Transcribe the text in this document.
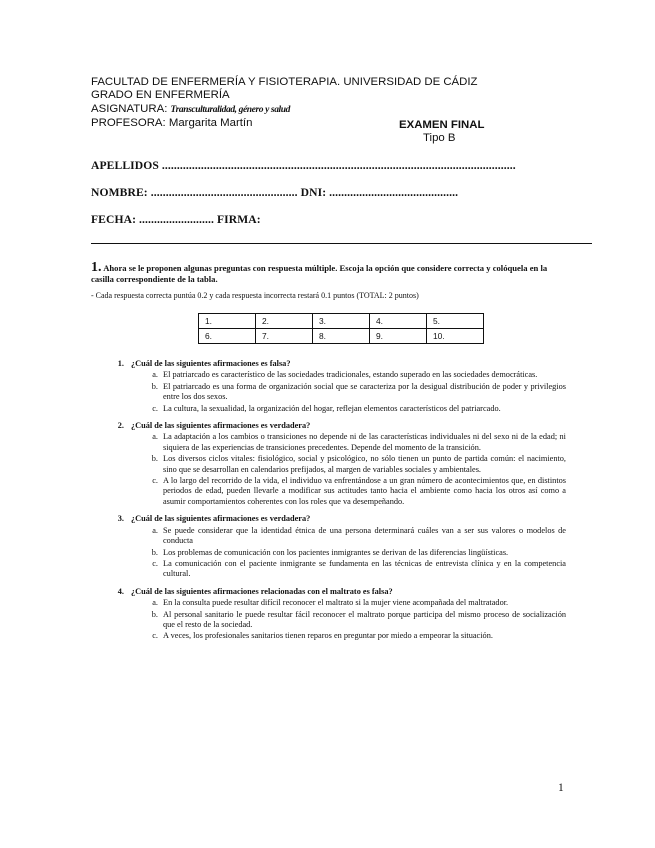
FACULTAD DE ENFERMERÍA Y FISIOTERAPIA. UNIVERSIDAD DE CÁDIZ
GRADO EN ENFERMERÍA
ASIGNATURA: Transculturalidad, género y salud
PROFESORA: Margarita Martín	EXAMEN FINAL
Tipo B
APELLIDOS ......................................................................................................................
NOMBRE: ................................................. DNI: ...........................................
FECHA: ......................... FIRMA:
1. Ahora se le proponen algunas preguntas con respuesta múltiple. Escoja la opción que considere correcta y colóquela en la casilla correspondiente de la tabla.
- Cada respuesta correcta puntúa 0.2 y cada respuesta incorrecta restará 0.1 puntos (TOTAL: 2 puntos)
1.	2.	3.	4.	5.
6.	7.	8.	9.	10.
1. ¿Cuál de las siguientes afirmaciones es falsa?
a. El patriarcado es característico de las sociedades tradicionales, estando superado en las sociedades democráticas.
b. El patriarcado es una forma de organización social que se caracteriza por la desigual distribución de poder y privilegios entre los dos sexos.
c. La cultura, la sexualidad, la organización del hogar, reflejan elementos característicos del patriarcado.
2. ¿Cuál de las siguientes afirmaciones es verdadera?
a. La adaptación a los cambios o transiciones no depende ni de las características individuales ni del sexo ni de la edad; ni siquiera de las experiencias de transiciones precedentes. Depende del momento de la transición.
b. Los diversos ciclos vitales: fisiológico, social y psicológico, no sólo tienen un punto de partida común: el nacimiento, sino que se desarrollan en calendarios prefijados, al margen de variables sociales y ambientales.
c. A lo largo del recorrido de la vida, el individuo va enfrentándose a un gran número de acontecimientos que, en distintos periodos de edad, pueden llevarle a modificar sus actitudes tanto hacia el ambiente como hacia los otros así como a asumir comportamientos coherentes con los roles que va desempeñando.
3. ¿Cuál de las siguientes afirmaciones es verdadera?
a. Se puede considerar que la identidad étnica de una persona determinará cuáles van a ser sus valores o modelos de conducta
b. Los problemas de comunicación con los pacientes inmigrantes se derivan de las diferencias lingüísticas.
c. La comunicación con el paciente inmigrante se fundamenta en las técnicas de entrevista clínica y en la competencia cultural.
4. ¿Cuál de las siguientes afirmaciones relacionadas con el maltrato es falsa?
a. En la consulta puede resultar difícil reconocer el maltrato si la mujer viene acompañada del maltratador.
b. Al personal sanitario le puede resultar fácil reconocer el maltrato porque participa del mismo proceso de socialización que el resto de la sociedad.
c. A veces, los profesionales sanitarios tienen reparos en preguntar por miedo a empeorar la situación.
1
